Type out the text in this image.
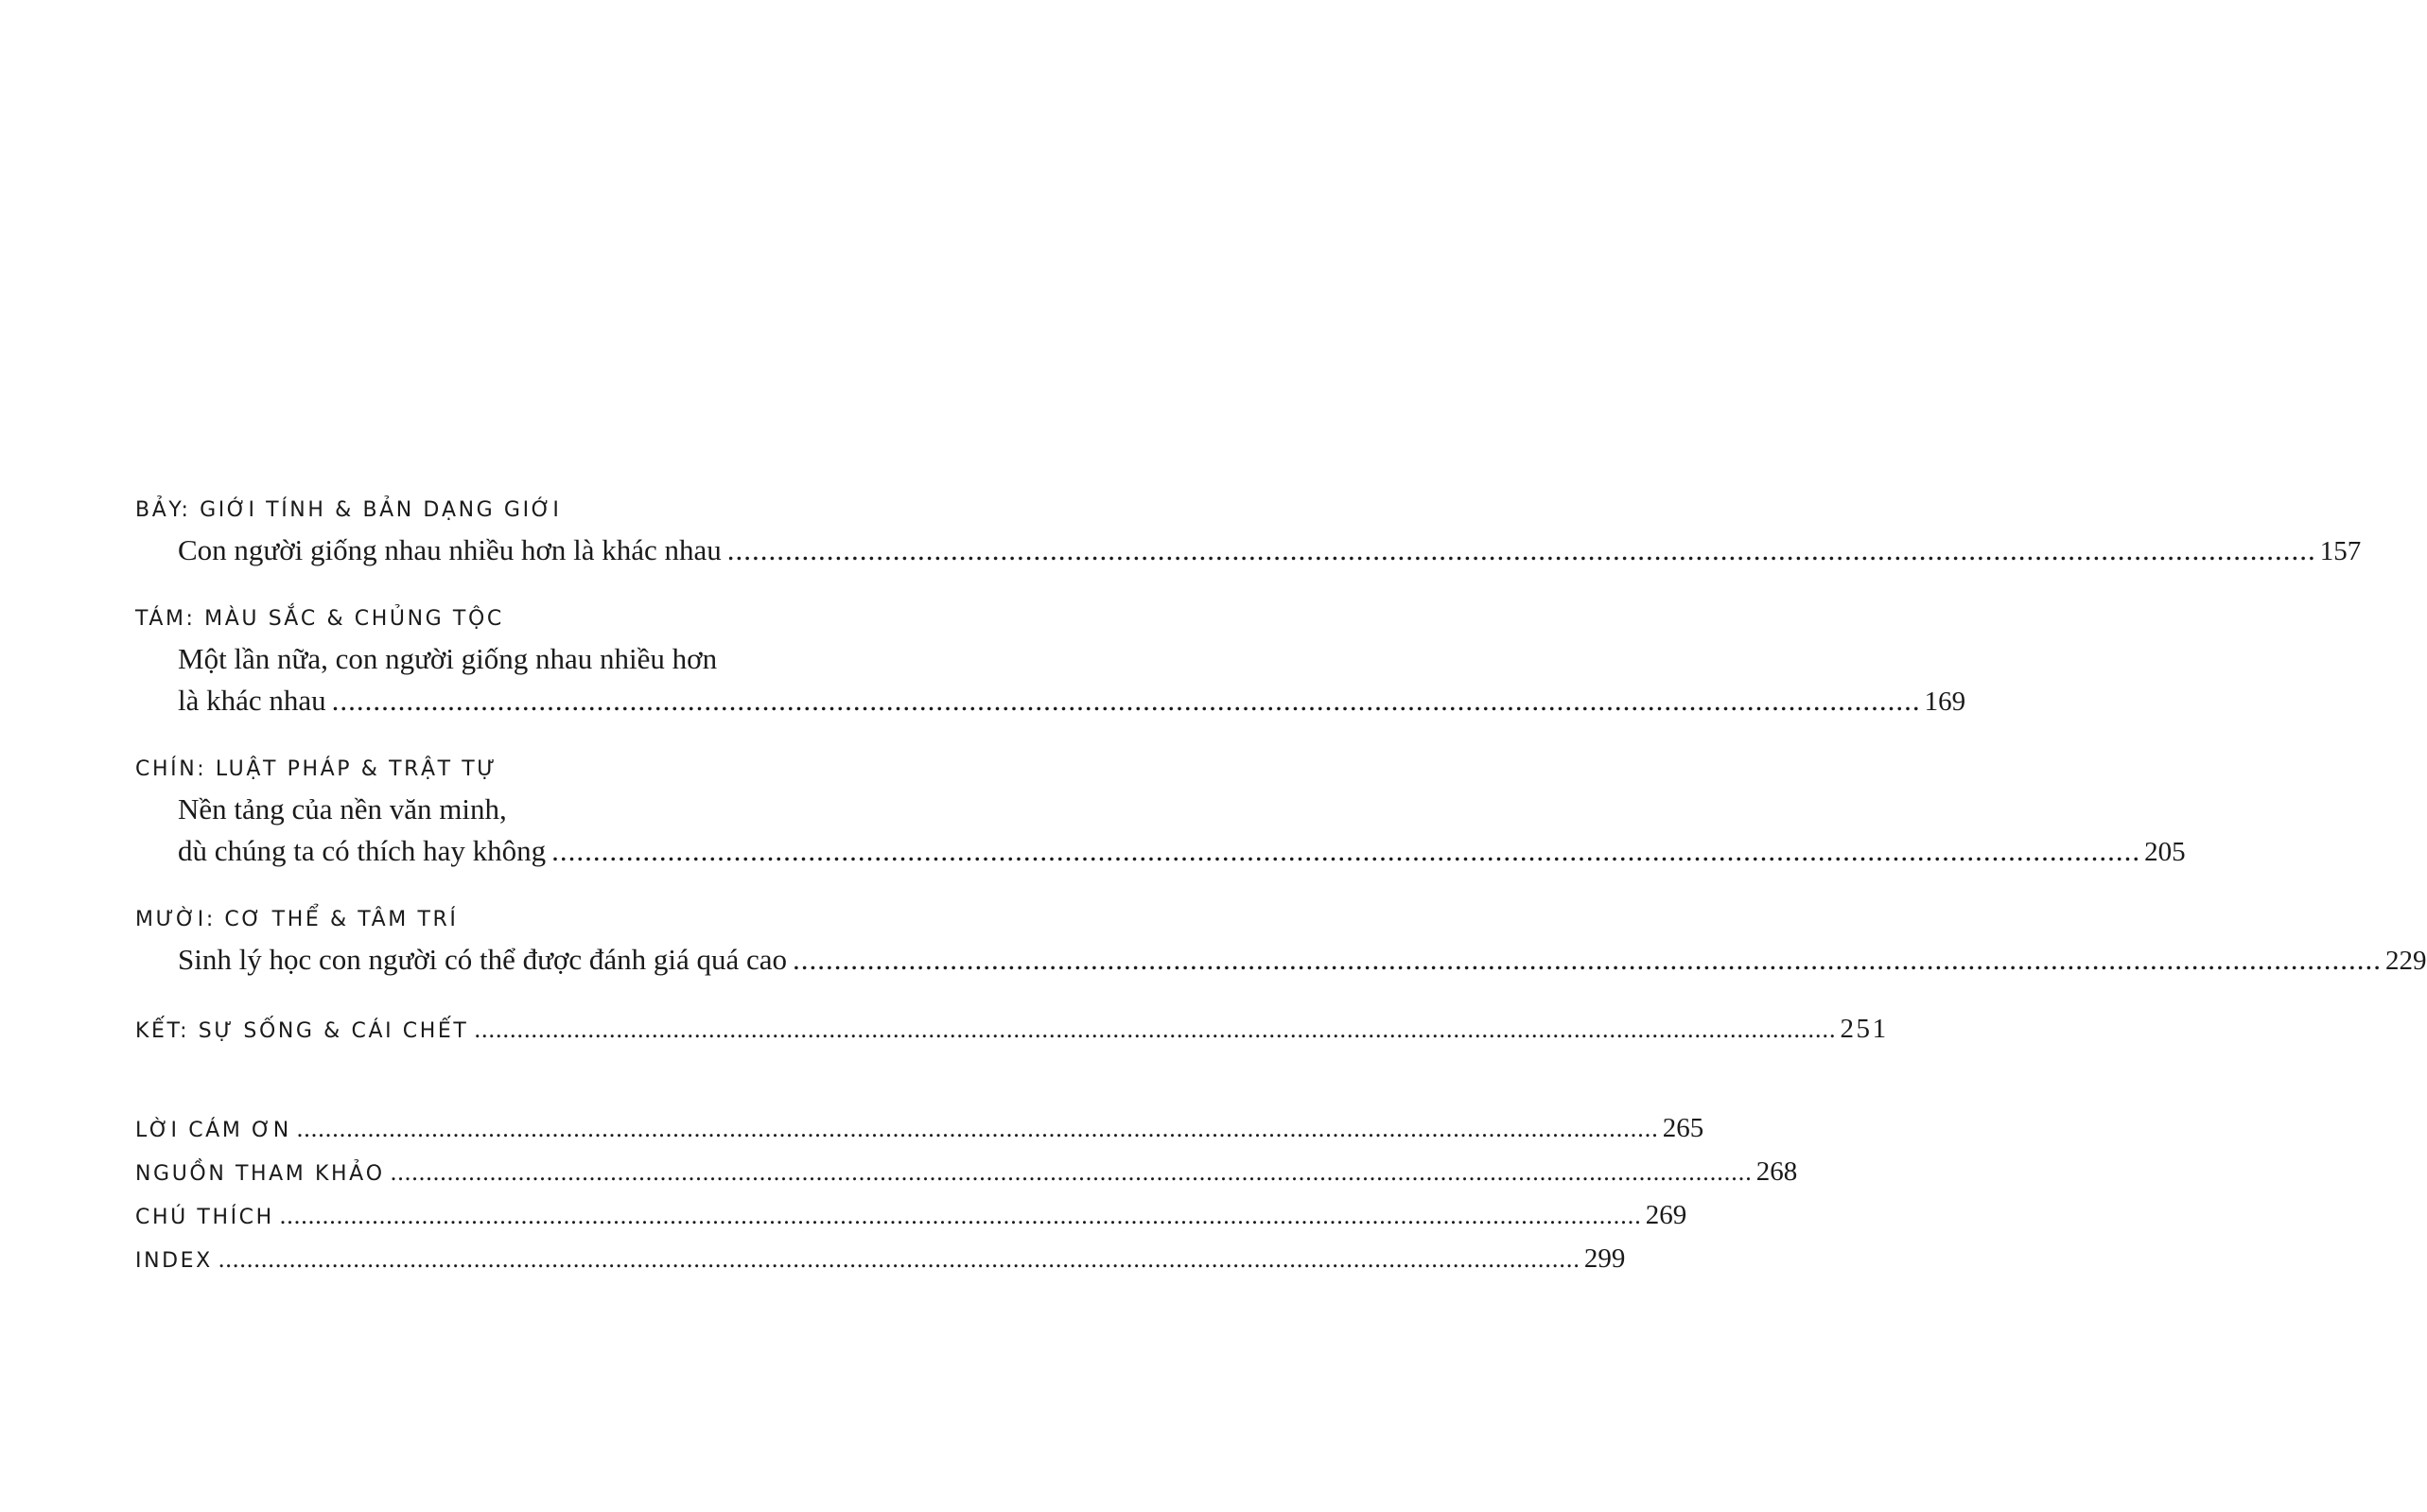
BẢY: GIỚI TÍNH & BẢN DẠNG GIỚI
Con người giống nhau nhiều hơn là khác nhau ................................................................................................................................................................................................ 157
TÁM: MÀU SẮC & CHỦNG TỘC
Một lần nữa, con người giống nhau nhiều hơn
là khác nhau ................................................................................................................................................................................................ 169
CHÍN: LUẬT PHÁP & TRẬT TỰ
Nền tảng của nền văn minh,
dù chúng ta có thích hay không ................................................................................................................................................................................................ 205
MƯỜI: CƠ THỂ & TÂM TRÍ
Sinh lý học con người có thể được đánh giá quá cao ................................................................................................................................................................................................ 229
KẾT: SỰ SỐNG & CÁI CHẾT ................................................................................................................................................................................................ 251
LỜI CÁM ƠN ................................................................................................................................................................................................ 265
NGUỒN THAM KHẢO ................................................................................................................................................................................................ 268
CHÚ THÍCH ................................................................................................................................................................................................ 269
INDEX ................................................................................................................................................................................................ 299
